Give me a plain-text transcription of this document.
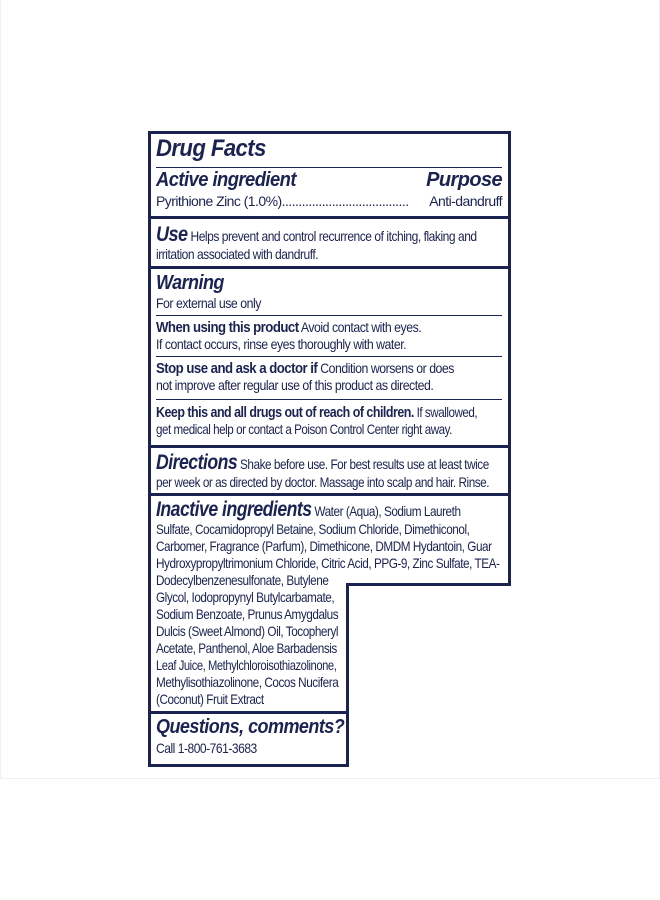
Drug Facts
Active ingredient	Purpose
Pyrithione Zinc (1.0%) ......................................	Anti-dandruff
Use Helps prevent and control recurrence of itching, flaking and
irritation associated with dandruff.
Warning
For external use only
When using this product Avoid contact with eyes.
If contact occurs, rinse eyes thoroughly with water.
Stop use and ask a doctor if Condition worsens or does
not improve after regular use of this product as directed.
Keep this and all drugs out of reach of children. If swallowed,
get medical help or contact a Poison Control Center right away.
Directions Shake before use. For best results use at least twice
per week or as directed by doctor. Massage into scalp and hair. Rinse.
Inactive ingredients Water (Aqua), Sodium Laureth
Sulfate, Cocamidopropyl Betaine, Sodium Chloride, Dimethiconol,
Carbomer, Fragrance (Parfum), Dimethicone, DMDM Hydantoin, Guar
Hydroxypropyltrimonium Chloride, Citric Acid, PPG-9, Zinc Sulfate, TEA-
Dodecylbenzenesulfonate, Butylene
Glycol, Iodopropynyl Butylcarbamate,
Sodium Benzoate, Prunus Amygdalus
Dulcis (Sweet Almond) Oil, Tocopheryl
Acetate, Panthenol, Aloe Barbadensis
Leaf Juice, Methylchloroisothiazolinone,
Methylisothiazolinone, Cocos Nucifera
(Coconut) Fruit Extract
Questions, comments?
Call 1-800-761-3683
